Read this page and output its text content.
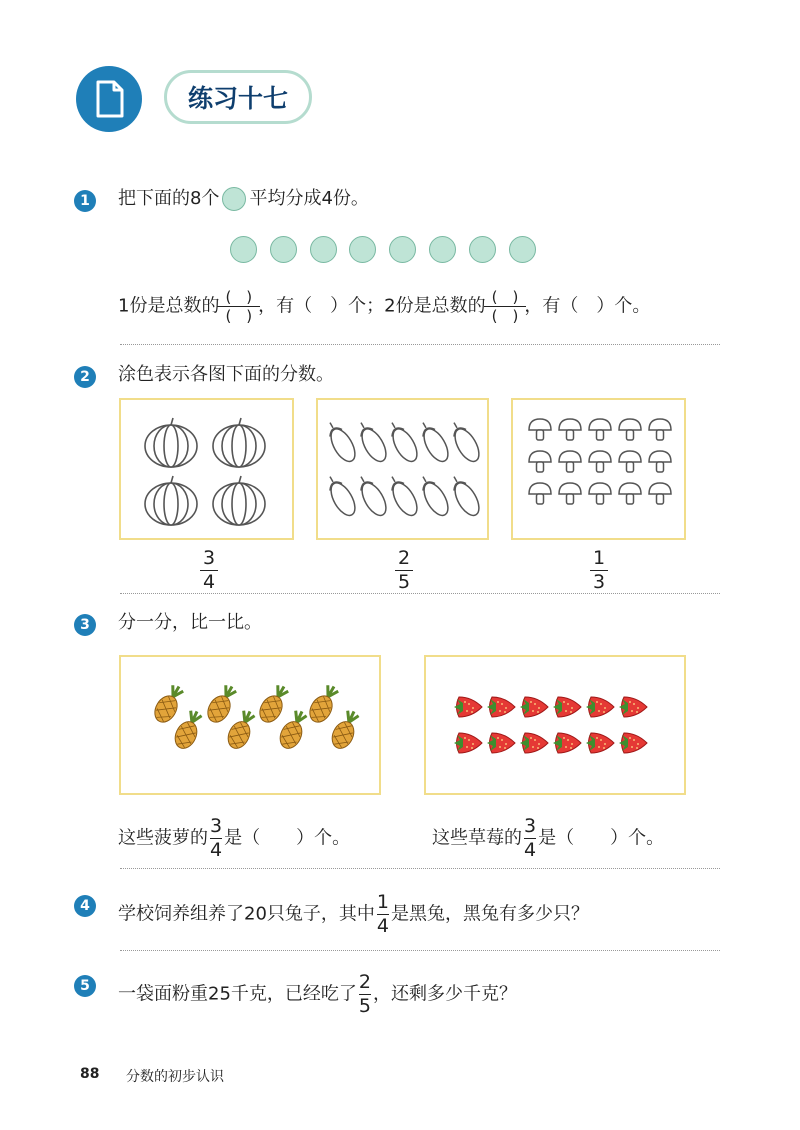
练习十七
1	把下面的8个 平均分成4份。
1份是总数的 $\frac{( )}{( )}$ ，有（　）个；2份是总数的 $\frac{( )}{( )}$ ，有（　）个。
2	涂色表示各图下面的分数。
3
4
2
5
1
3
3	分一分，比一比。
这些菠萝的 $\frac{3}{4}$ 是（　　）个。	这些草莓的 $\frac{3}{4}$ 是（　　）个。
4	学校饲养组养了20只兔子，其中 $\frac{1}{4}$ 是黑兔，黑兔有多少只？
5	一袋面粉重25千克，已经吃了 $\frac{2}{5}$ ，还剩多少千克？
88 分数的初步认识
